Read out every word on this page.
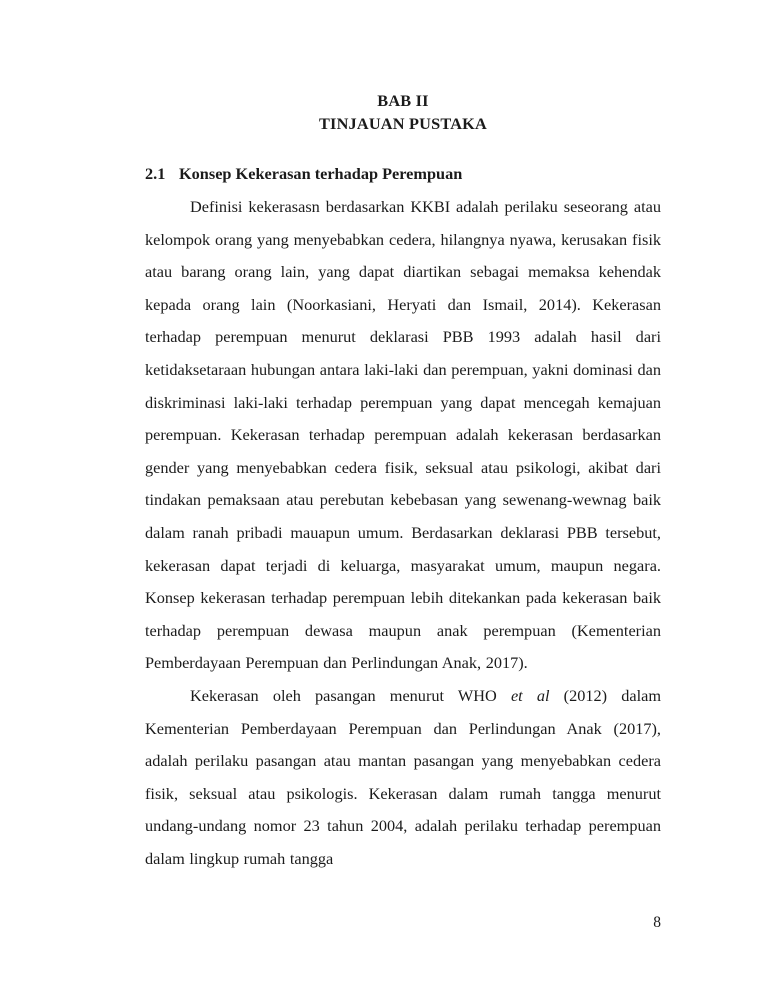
BAB II
TINJAUAN PUSTAKA
2.1 Konsep Kekerasan terhadap Perempuan

Definisi kekerasasn berdasarkan KKBI adalah perilaku seseorang atau kelompok orang yang menyebabkan cedera, hilangnya nyawa, kerusakan fisik atau barang orang lain, yang dapat diartikan sebagai memaksa kehendak kepada orang lain (Noorkasiani, Heryati dan Ismail, 2014). Kekerasan terhadap perempuan menurut deklarasi PBB 1993 adalah hasil dari ketidaksetaraan hubungan antara laki-laki dan perempuan, yakni dominasi dan diskriminasi laki-laki terhadap perempuan yang dapat mencegah kemajuan perempuan. Kekerasan terhadap perempuan adalah kekerasan berdasarkan gender yang menyebabkan cedera fisik, seksual atau psikologi, akibat dari tindakan pemaksaan atau perebutan kebebasan yang sewenang-wewnag baik dalam ranah pribadi mauapun umum. Berdasarkan deklarasi PBB tersebut, kekerasan dapat terjadi di keluarga, masyarakat umum, maupun negara. Konsep kekerasan terhadap perempuan lebih ditekankan pada kekerasan baik terhadap perempuan dewasa maupun anak perempuan (Kementerian Pemberdayaan Perempuan dan Perlindungan Anak, 2017).

Kekerasan oleh pasangan menurut WHO et al (2012) dalam Kementerian Pemberdayaan Perempuan dan Perlindungan Anak (2017), adalah perilaku pasangan atau mantan pasangan yang menyebabkan cedera fisik, seksual atau psikologis. Kekerasan dalam rumah tangga menurut undang-undang nomor 23 tahun 2004, adalah perilaku terhadap perempuan dalam lingkup rumah tangga

8
